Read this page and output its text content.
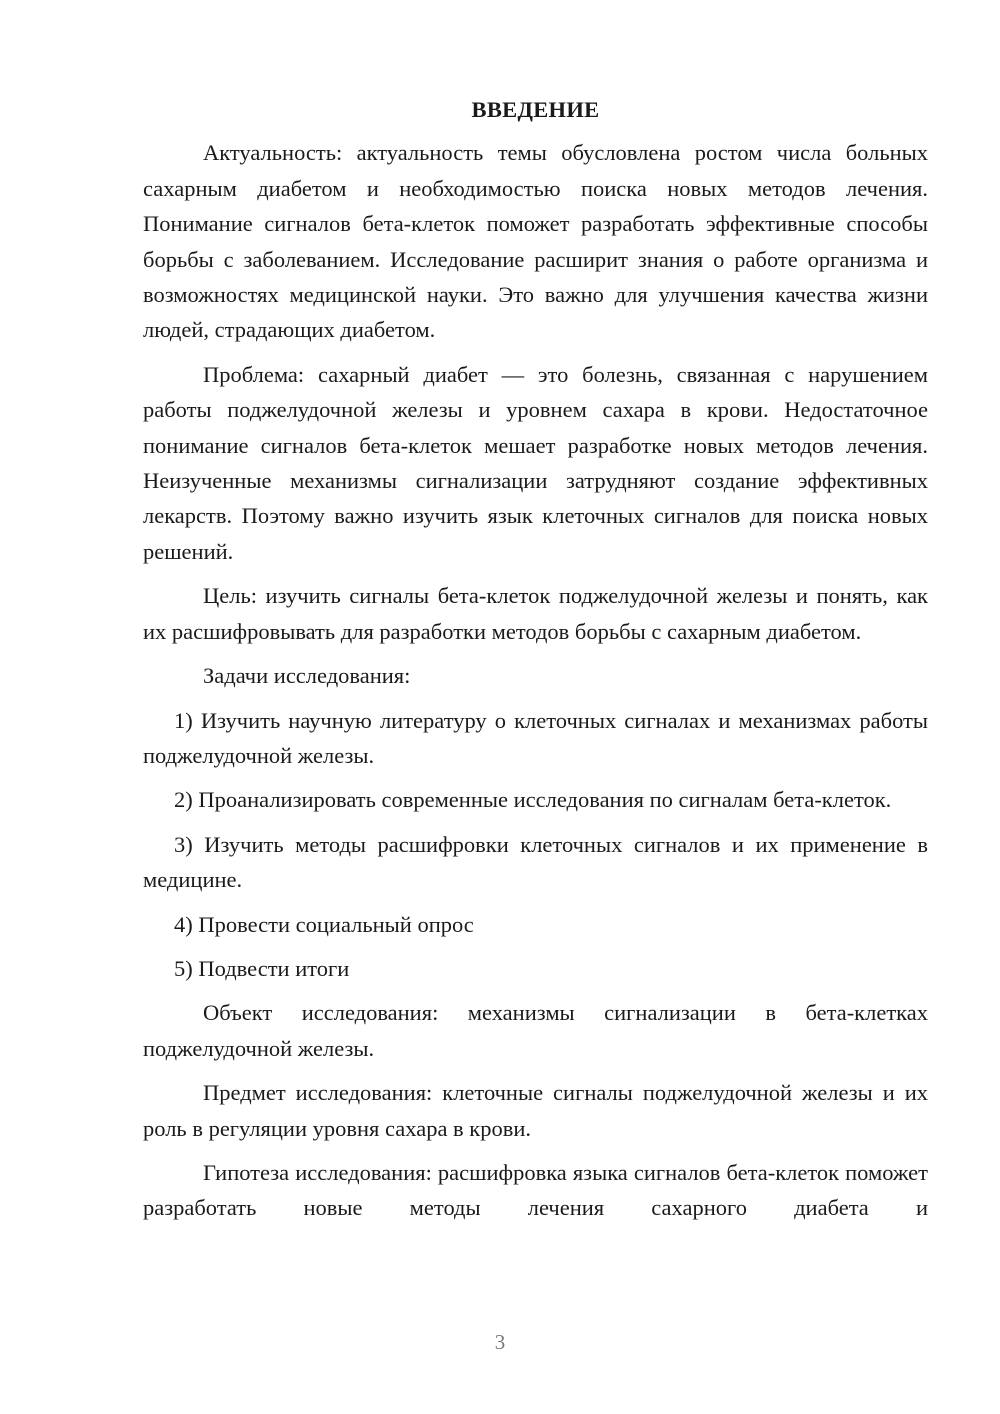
ВВЕДЕНИЕ

Актуальность: актуальность темы обусловлена ростом числа больных сахарным диабетом и необходимостью поиска новых методов лечения. Понимание сигналов бета-клеток поможет разработать эффективные способы борьбы с заболеванием. Исследование расширит знания о работе организма и возможностях медицинской науки. Это важно для улучшения качества жизни людей, страдающих диабетом.

Проблема: сахарный диабет — это болезнь, связанная с нарушением работы поджелудочной железы и уровнем сахара в крови. Недостаточное понимание сигналов бета-клеток мешает разработке новых методов лечения. Неизученные механизмы сигнализации затрудняют создание эффективных лекарств. Поэтому важно изучить язык клеточных сигналов для поиска новых решений.

Цель: изучить сигналы бета-клеток поджелудочной железы и понять, как их расшифровывать для разработки методов борьбы с сахарным диабетом.

Задачи исследования:

1) Изучить научную литературу о клеточных сигналах и механизмах работы поджелудочной железы.

2) Проанализировать современные исследования по сигналам бета-клеток.

3) Изучить методы расшифровки клеточных сигналов и их применение в медицине.

4) Провести социальный опрос

5) Подвести итоги

Объект исследования: механизмы сигнализации в бета-клетках поджелудочной железы.

Предмет исследования: клеточные сигналы поджелудочной железы и их роль в регуляции уровня сахара в крови.

Гипотеза исследования: расшифровка языка сигналов бета-клеток поможет разработать новые методы лечения сахарного диабета и

3
